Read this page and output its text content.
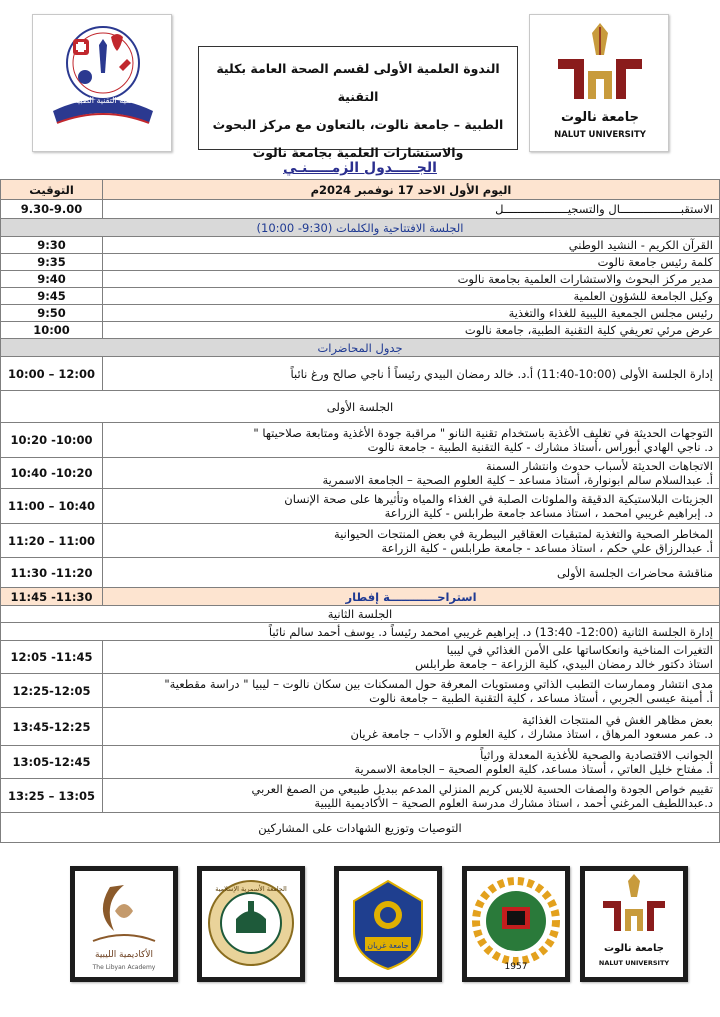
كلية التقنية الطبية
الندوة العلمية الأولى لقسم الصحة العامة بكلية التقنية
الطبية – جامعة نالوت، بالتعاون مع مركز البحوث
والاستشارات العلمية بجامعة نالوت
جامعة نالوت
NALUT UNIVERSITY
الجـــــدول الزمـــــنـي
اليوم الأول الاحد 17 نوفمبر 2024م	التوقيت
الاستقبــــــــــــــــــال والتسجيـــــــــــــــــــل	9.30-9.00
الجلسة الافتتاحية والكلمات (9:30- 10:00)	
القرآن الكريم - النشيد الوطني	9:30
كلمة رئيس جامعة نالوت	9:35
مدير مركز البحوث والاستشارات العلمية بجامعة نالوت	9:40
وكيل الجامعة للشؤون العلمية	9:45
رئيس مجلس الجمعية الليبية للغذاء والتغذية	9:50
عرض مرئي تعريفي كلية التقنية الطبية، جامعة نالوت	10:00
جدول المحاضرات	
إدارة الجلسة الأولى (10:00-11:40) أ.د. خالد رمضان البيدي رئيساً أ ناجي صالح ورغ نائباً	10:00 – 12:00
الجلسة الأولى	

التوجهات الحديثة في تغليف الأغذية باستخدام تقنية النانو " مراقبة جودة الأغذية ومتابعة صلاحيتها "
د. ناجي الهادي أبوراس ،أستاذ مشارك - كلية التقنية الطبية - جامعة نالوت	10:20 -10:00

الاتجاهات الحديثة لأسباب حدوث وانتشار السمنة
أ. عبدالسلام سالم ابونوارة، أستاذ مساعد – كلية العلوم الصحية – الجامعة الاسمرية	10:40 -10:20

الجزيئات البلاستيكية الدقيقة والملوثات الصلبة في الغذاء والمياه وتأثيرها على صحة الإنسان
د. إبراهيم غريبي امحمد ، استاذ مساعد جامعة طرابلس - كلية الزراعة	11:00 – 10:40

المخاطر الصحية والتغذية لمتبقيات العقاقير البيطرية في بعض المنتجات الحيوانية
أ. عبدالرزاق علي حكم ، استاذ مساعد - جامعة طرابلس - كلية الزراعة	11:20 – 11:00
مناقشة محاضرات الجلسة الأولى	11:30 -11:20
استراحــــــــــــة إفطار	11:45 -11:30
الجلسة الثانية	
إدارة الجلسة الثانية (12:00- 13:40) د. إبراهيم غريبي امحمد رئيساً د. يوسف أحمد سالم نائباً	

التغيرات المناخية وانعكاساتها على الأمن الغذائي في ليبيا
استاذ دكتور خالد رمضان البيدي، كلية الزراعة – جامعة طرابلس	12:05 -11:45

مدى انتشار وممارسات التطبب الذاتي ومستويات المعرفة حول المسكنات بين سكان نالوت – ليبيا " دراسة مقطعية"
أ. أمينة عيسى الجربي ، أستاذ مساعد ، كلية التقنية الطبية – جامعة نالوت	12:25-12:05

بعض مظاهر الغش في المنتجات الغذائية
د. عمر مسعود المرهاق ، استاذ مشارك ، كلية العلوم و الآداب – جامعة غريان	13:45-12:25

الجوانب الاقتصادية والصحية للأغذية المعدلة وراثياً
أ. مفتاح خليل العاتي ، أستاذ مساعد، كلية العلوم الصحية – الجامعة الاسمرية	13:05-12:45

تقييم خواص الجودة والصفات الحسية للايس كريم المنزلي المدعم ببديل طبيعي من الصمغ العربي
د.عبداللطيف المرغني أحمد ، استاذ مشارك مدرسة العلوم الصحية – الأكاديمية الليبية	13:25 – 13:05
التوصيات وتوزيع الشهادات على المشاركين	
الأكاديمية الليبية
The Libyan Academy
الجامعة الأسمرية الإسلامية
جامعة غريان
1957
جامعة نالوت
NALUT UNIVERSITY
